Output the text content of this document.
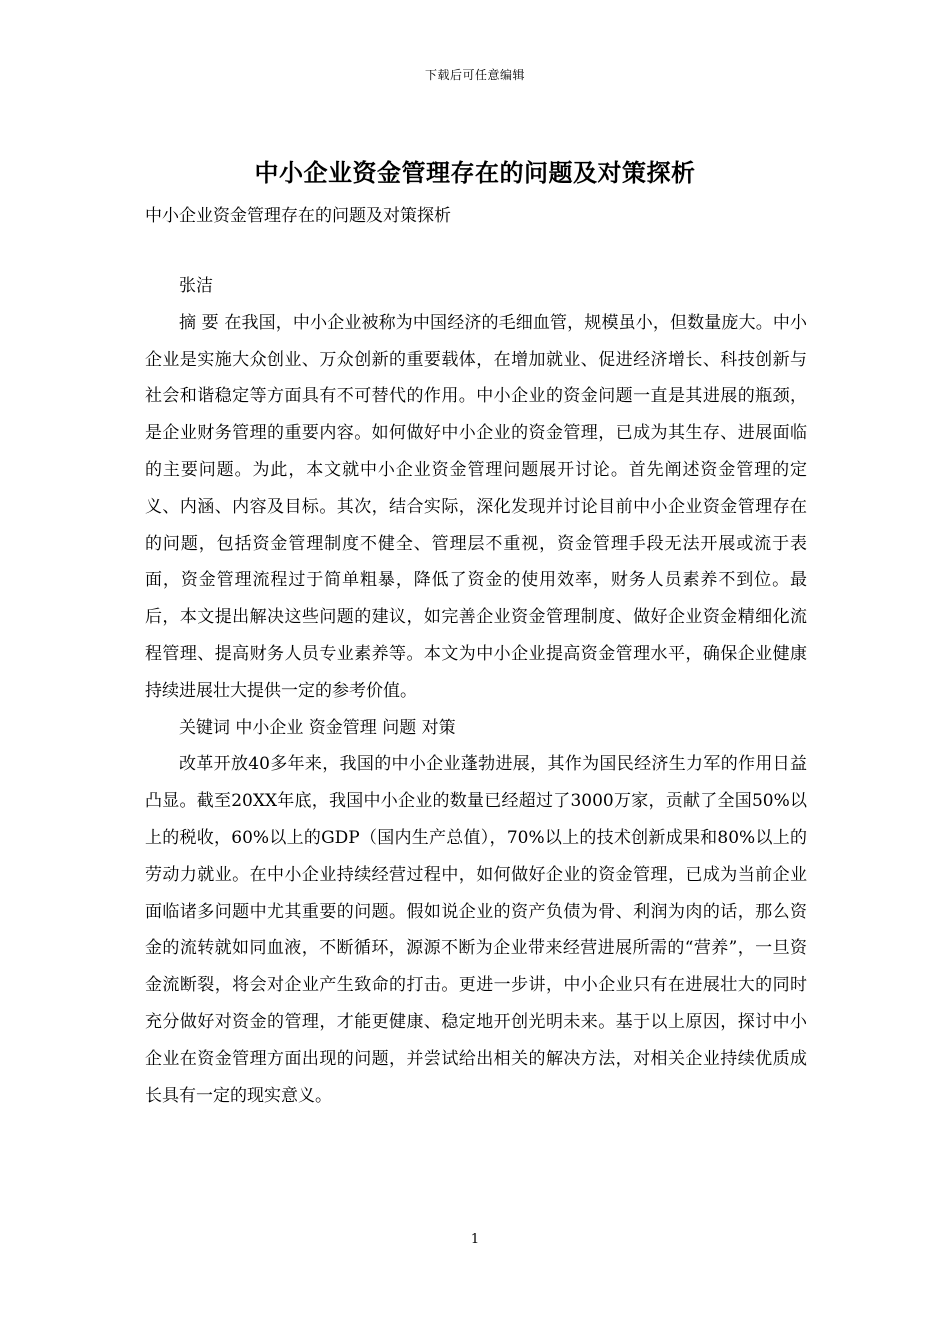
下载后可任意编辑
中小企业资金管理存在的问题及对策探析
中小企业资金管理存在的问题及对策探析

张洁

摘 要 在我国，中小企业被称为中国经济的毛细血管，规模虽小，但数量庞大。中小企业是实施大众创业、万众创新的重要载体，在增加就业、促进经济增长、科技创新与社会和谐稳定等方面具有不可替代的作用。中小企业的资金问题一直是其进展的瓶颈，是企业财务管理的重要内容。如何做好中小企业的资金管理，已成为其生存、进展面临的主要问题。为此，本文就中小企业资金管理问题展开讨论。首先阐述资金管理的定义、内涵、内容及目标。其次，结合实际，深化发现并讨论目前中小企业资金管理存在的问题，包括资金管理制度不健全、管理层不重视，资金管理手段无法开展或流于表面，资金管理流程过于简单粗暴，降低了资金的使用效率，财务人员素养不到位。最后，本文提出解决这些问题的建议，如完善企业资金管理制度、做好企业资金精细化流程管理、提高财务人员专业素养等。本文为中小企业提高资金管理水平，确保企业健康持续进展壮大提供一定的参考价值。

关键词 中小企业 资金管理 问题 对策

改革开放40多年来，我国的中小企业蓬勃进展，其作为国民经济生力军的作用日益凸显。截至20XX年底，我国中小企业的数量已经超过了3000万家，贡献了全国50%以上的税收，60%以上的GDP（国内生产总值），70%以上的技术创新成果和80%以上的劳动力就业。在中小企业持续经营过程中，如何做好企业的资金管理，已成为当前企业面临诸多问题中尤其重要的问题。假如说企业的资产负债为骨、利润为肉的话，那么资金的流转就如同血液，不断循环，源源不断为企业带来经营进展所需的“营养”，一旦资金流断裂，将会对企业产生致命的打击。更进一步讲，中小企业只有在进展壮大的同时充分做好对资金的管理，才能更健康、稳定地开创光明未来。基于以上原因，探讨中小企业在资金管理方面出现的问题，并尝试给出相关的解决方法，对相关企业持续优质成长具有一定的现实意义。

1
